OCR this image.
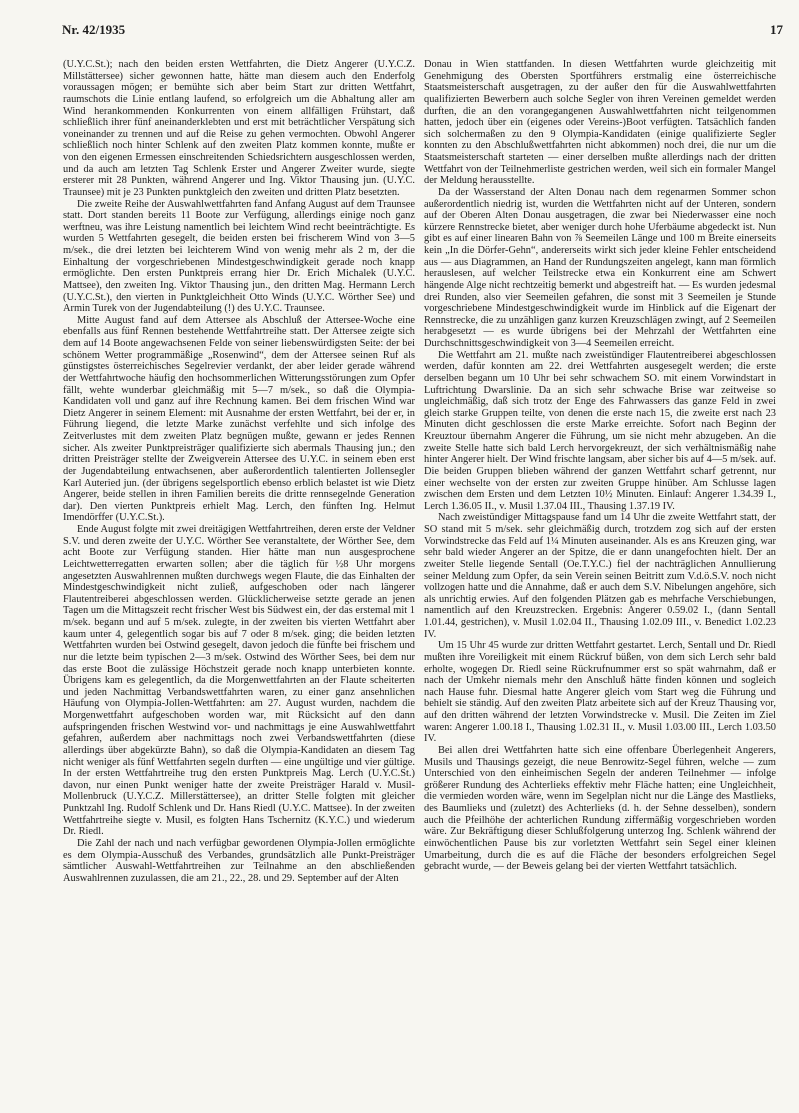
Nr. 42/1935	17

(U.Y.C.St.); nach den beiden ersten Wettfahrten, die Dietz Angerer (U.Y.C.Z. Millstättersee) sicher gewonnen hatte, hätte man diesem auch den Enderfolg voraussagen mögen; er bemühte sich aber beim Start zur dritten Wettfahrt, raumschots die Linie entlang laufend, so erfolgreich um die Abhaltung aller am Wind herankommenden Konkurrenten von einem allfälligen Frühstart, daß schließlich ihrer fünf aneinanderklebten und erst mit beträchtlicher Verspätung sich voneinander zu trennen und auf die Reise zu gehen vermochten. Obwohl Angerer schließlich noch hinter Schlenk auf den zweiten Platz kommen konnte, mußte er von den eigenen Ermessen einschreitenden Schiedsrichtern ausgeschlossen werden, und da auch am letzten Tag Schlenk Erster und Angerer Zweiter wurde, siegte ersterer mit 28 Punkten, während Angerer und Ing. Viktor Thausing jun. (U.Y.C. Traunsee) mit je 23 Punkten punktgleich den zweiten und dritten Platz besetzten.

Die zweite Reihe der Auswahlwettfahrten fand Anfang August auf dem Traunsee statt. Dort standen bereits 11 Boote zur Verfügung, allerdings einige noch ganz werftneu, was ihre Leistung namentlich bei leichtem Wind recht beeinträchtigte. Es wurden 5 Wettfahrten gesegelt, die beiden ersten bei frischerem Wind von 3—5 m/sek., die drei letzten bei leichterem Wind von wenig mehr als 2 m, der die Einhaltung der vorgeschriebenen Mindestgeschwindigkeit gerade noch knapp ermöglichte. Den ersten Punktpreis errang hier Dr. Erich Michalek (U.Y.C. Mattsee), den zweiten Ing. Viktor Thausing jun., den dritten Mag. Hermann Lerch (U.Y.C.St.), den vierten in Punktgleichheit Otto Winds (U.Y.C. Wörther See) und Armin Turek von der Jugendabteilung (!) des U.Y.C. Traunsee.

Mitte August fand auf dem Attersee als Abschluß der Attersee-Woche eine ebenfalls aus fünf Rennen bestehende Wettfahrtreihe statt. Der Attersee zeigte sich dem auf 14 Boote angewachsenen Felde von seiner liebenswürdigsten Seite: der bei schönem Wetter programmäßige „Rosenwind“, dem der Attersee seinen Ruf als günstigstes österreichisches Segelrevier verdankt, der aber leider gerade während der Wettfahrtwoche häufig den hochsommerlichen Witterungsstörungen zum Opfer fällt, wehte wunderbar gleichmäßig mit 5—7 m/sek., so daß die Olympia-Kandidaten voll und ganz auf ihre Rechnung kamen. Bei dem frischen Wind war Dietz Angerer in seinem Element: mit Ausnahme der ersten Wettfahrt, bei der er, in Führung liegend, die letzte Marke zunächst verfehlte und sich infolge des Zeitverlustes mit dem zweiten Platz begnügen mußte, gewann er jedes Rennen sicher. Als zweiter Punktpreisträger qualifizierte sich abermals Thausing jun.; den dritten Preisträger stellte der Zweigverein Attersee des U.Y.C. in seinem eben erst der Jugendabteilung entwachsenen, aber außerordentlich talentierten Jollensegler Karl Auteried jun. (der übrigens segelsportlich ebenso erblich belastet ist wie Dietz Angerer, beide stellen in ihren Familien bereits die dritte rennsegelnde Generation dar). Den vierten Punktpreis erhielt Mag. Lerch, den fünften Ing. Helmut Imendörffer (U.Y.C.St.).

Ende August folgte mit zwei dreitägigen Wettfahrtreihen, deren erste der Veldner S.V. und deren zweite der U.Y.C. Wörther See veranstaltete, der Wörther See, dem acht Boote zur Verfügung standen. Hier hätte man nun ausgesprochene Leichtwetterregatten erwarten sollen; aber die täglich für ½8 Uhr morgens angesetzten Auswahlrennen mußten durchwegs wegen Flaute, die das Einhalten der Mindestgeschwindigkeit nicht zuließ, aufgeschoben oder nach längerer Flautentreiberei abgeschlossen werden. Glücklicherweise setzte gerade an jenen Tagen um die Mittagszeit recht frischer West bis Südwest ein, der das erstemal mit 1 m/sek. begann und auf 5 m/sek. zulegte, in der zweiten bis vierten Wettfahrt aber kaum unter 4, gelegentlich sogar bis auf 7 oder 8 m/sek. ging; die beiden letzten Wettfahrten wurden bei Ostwind gesegelt, davon jedoch die fünfte bei frischem und nur die letzte beim typischen 2—3 m/sek. Ostwind des Wörther Sees, bei dem nur das erste Boot die zulässige Höchstzeit gerade noch knapp unterbieten konnte. Übrigens kam es gelegentlich, da die Morgenwettfahrten an der Flaute scheiterten und jeden Nachmittag Verbandswettfahrten waren, zu einer ganz ansehnlichen Häufung von Olympia-Jollen-Wettfahrten: am 27. August wurden, nachdem die Morgenwettfahrt aufgeschoben worden war, mit Rücksicht auf den dann aufspringenden frischen Westwind vor- und nachmittags je eine Auswahlwettfahrt gefahren, außerdem aber nachmittags noch zwei Verbandswettfahrten (diese allerdings über abgekürzte Bahn), so daß die Olympia-Kandidaten an diesem Tag nicht weniger als fünf Wettfahrten segeln durften — eine ungültige und vier gültige. In der ersten Wettfahrtreihe trug den ersten Punktpreis Mag. Lerch (U.Y.C.St.) davon, nur einen Punkt weniger hatte der zweite Preisträger Harald v. Musil-Mollenbruck (U.Y.C.Z. Millerstättersee), an dritter Stelle folgten mit gleicher Punktzahl Ing. Rudolf Schlenk und Dr. Hans Riedl (U.Y.C. Mattsee). In der zweiten Wettfahrtreihe siegte v. Musil, es folgten Hans Tschernitz (K.Y.C.) und wiederum Dr. Riedl.

Die Zahl der nach und nach verfügbar gewordenen Olympia-Jollen ermöglichte es dem Olympia-Ausschuß des Verbandes, grundsätzlich alle Punkt-Preisträger sämtlicher Auswahl-Wettfahrtreihen zur Teilnahme an den abschließenden Auswahlrennen zuzulassen, die am 21., 22., 28. und 29. September auf der Alten

Donau in Wien stattfanden. In diesen Wettfahrten wurde gleichzeitig mit Genehmigung des Obersten Sportführers erstmalig eine österreichische Staatsmeisterschaft ausgetragen, zu der außer den für die Auswahlwettfahrten qualifizierten Bewerbern auch solche Segler von ihren Vereinen gemeldet werden durften, die an den vorangegangenen Auswahlwettfahrten nicht teilgenommen hatten, jedoch über ein (eigenes oder Vereins-)Boot verfügten. Tatsächlich fanden sich solchermaßen zu den 9 Olympia-Kandidaten (einige qualifizierte Segler konnten zu den Abschlußwettfahrten nicht abkommen) noch drei, die nur um die Staatsmeisterschaft starteten — einer derselben mußte allerdings nach der dritten Wettfahrt von der Teilnehmerliste gestrichen werden, weil sich ein formaler Mangel der Meldung herausstellte.

Da der Wasserstand der Alten Donau nach dem regenarmen Sommer schon außerordentlich niedrig ist, wurden die Wettfahrten nicht auf der Unteren, sondern auf der Oberen Alten Donau ausgetragen, die zwar bei Niederwasser eine noch kürzere Rennstrecke bietet, aber weniger durch hohe Uferbäume abgedeckt ist. Nun gibt es auf einer linearen Bahn von ⅞ Seemeilen Länge und 100 m Breite einerseits kein „In die Dörfer-Gehn“, andererseits wirkt sich jeder kleine Fehler entscheidend aus — aus Diagrammen, an Hand der Rundungszeiten angelegt, kann man förmlich herauslesen, auf welcher Teilstrecke etwa ein Konkurrent eine am Schwert hängende Alge nicht rechtzeitig bemerkt und abgestreift hat. — Es wurden jedesmal drei Runden, also vier Seemeilen gefahren, die sonst mit 3 Seemeilen je Stunde vorgeschriebene Mindestgeschwindigkeit wurde im Hinblick auf die Eigenart der Rennstrecke, die zu unzähligen ganz kurzen Kreuzschlägen zwingt, auf 2 Seemeilen herabgesetzt — es wurde übrigens bei der Mehrzahl der Wettfahrten eine Durchschnittsgeschwindigkeit von 3—4 Seemeilen erreicht.

Die Wettfahrt am 21. mußte nach zweistündiger Flautentreiberei abgeschlossen werden, dafür konnten am 22. drei Wettfahrten ausgesegelt werden; die erste derselben begann um 10 Uhr bei sehr schwachem SO. mit einem Vorwindstart in Luftrichtung Dwarslinie. Da an sich sehr schwache Brise war zeitweise so ungleichmäßig, daß sich trotz der Enge des Fahrwassers das ganze Feld in zwei gleich starke Gruppen teilte, von denen die erste nach 15, die zweite erst nach 23 Minuten dicht geschlossen die erste Marke erreichte. Sofort nach Beginn der Kreuztour übernahm Angerer die Führung, um sie nicht mehr abzugeben. An die zweite Stelle hatte sich bald Lerch hervorgekreuzt, der sich verhältnismäßig nahe hinter Angerer hielt. Der Wind frischte langsam, aber sicher bis auf 4—5 m/sek. auf. Die beiden Gruppen blieben während der ganzen Wettfahrt scharf getrennt, nur einer wechselte von der ersten zur zweiten Gruppe hinüber. Am Schlusse lagen zwischen dem Ersten und dem Letzten 10½ Minuten. Einlauf: Angerer 1.34.39 I., Lerch 1.36.05 II., v. Musil 1.37.04 III., Thausing 1.37.19 IV.

Nach zweistündiger Mittagspause fand um 14 Uhr die zweite Wettfahrt statt, der SO stand mit 5 m/sek. sehr gleichmäßig durch, trotzdem zog sich auf der ersten Vorwindstrecke das Feld auf 1¼ Minuten auseinander. Als es ans Kreuzen ging, war sehr bald wieder Angerer an der Spitze, die er dann unangefochten hielt. Der an zweiter Stelle liegende Sentall (Oe.T.Y.C.) fiel der nachträglichen Annullierung seiner Meldung zum Opfer, da sein Verein seinen Beitritt zum V.d.ö.S.V. noch nicht vollzogen hatte und die Annahme, daß er auch dem S.V. Nibelungen angehöre, sich als unrichtig erwies. Auf den folgenden Plätzen gab es mehrfache Verschiebungen, namentlich auf den Kreuzstrecken. Ergebnis: Angerer 0.59.02 I., (dann Sentall 1.01.44, gestrichen), v. Musil 1.02.04 II., Thausing 1.02.09 III., v. Benedict 1.02.23 IV.

Um 15 Uhr 45 wurde zur dritten Wettfahrt gestartet. Lerch, Sentall und Dr. Riedl mußten ihre Voreiligkeit mit einem Rückruf büßen, von dem sich Lerch sehr bald erholte, wogegen Dr. Riedl seine Rückrufnummer erst so spät wahrnahm, daß er nach der Umkehr niemals mehr den Anschluß hätte finden können und sogleich nach Hause fuhr. Diesmal hatte Angerer gleich vom Start weg die Führung und behielt sie ständig. Auf den zweiten Platz arbeitete sich auf der Kreuz Thausing vor, auf den dritten während der letzten Vorwindstrecke v. Musil. Die Zeiten im Ziel waren: Angerer 1.00.18 I., Thausing 1.02.31 II., v. Musil 1.03.00 III., Lerch 1.03.50 IV.

Bei allen drei Wettfahrten hatte sich eine offenbare Überlegenheit Angerers, Musils und Thausings gezeigt, die neue Benrowitz-Segel führen, welche — zum Unterschied von den einheimischen Segeln der anderen Teilnehmer — infolge größerer Rundung des Achterlieks effektiv mehr Fläche hatten; eine Ungleichheit, die vermieden worden wäre, wenn im Segelplan nicht nur die Länge des Mastlieks, des Baumlieks und (zuletzt) des Achterlieks (d. h. der Sehne desselben), sondern auch die Pfeilhöhe der achterlichen Rundung ziffermäßig vorgeschrieben worden wäre. Zur Bekräftigung dieser Schlußfolgerung unterzog Ing. Schlenk während der einwöchentlichen Pause bis zur vorletzten Wettfahrt sein Segel einer kleinen Umarbeitung, durch die es auf die Fläche der besonders erfolgreichen Segel gebracht wurde, — der Beweis gelang bei der vierten Wettfahrt tatsächlich.
